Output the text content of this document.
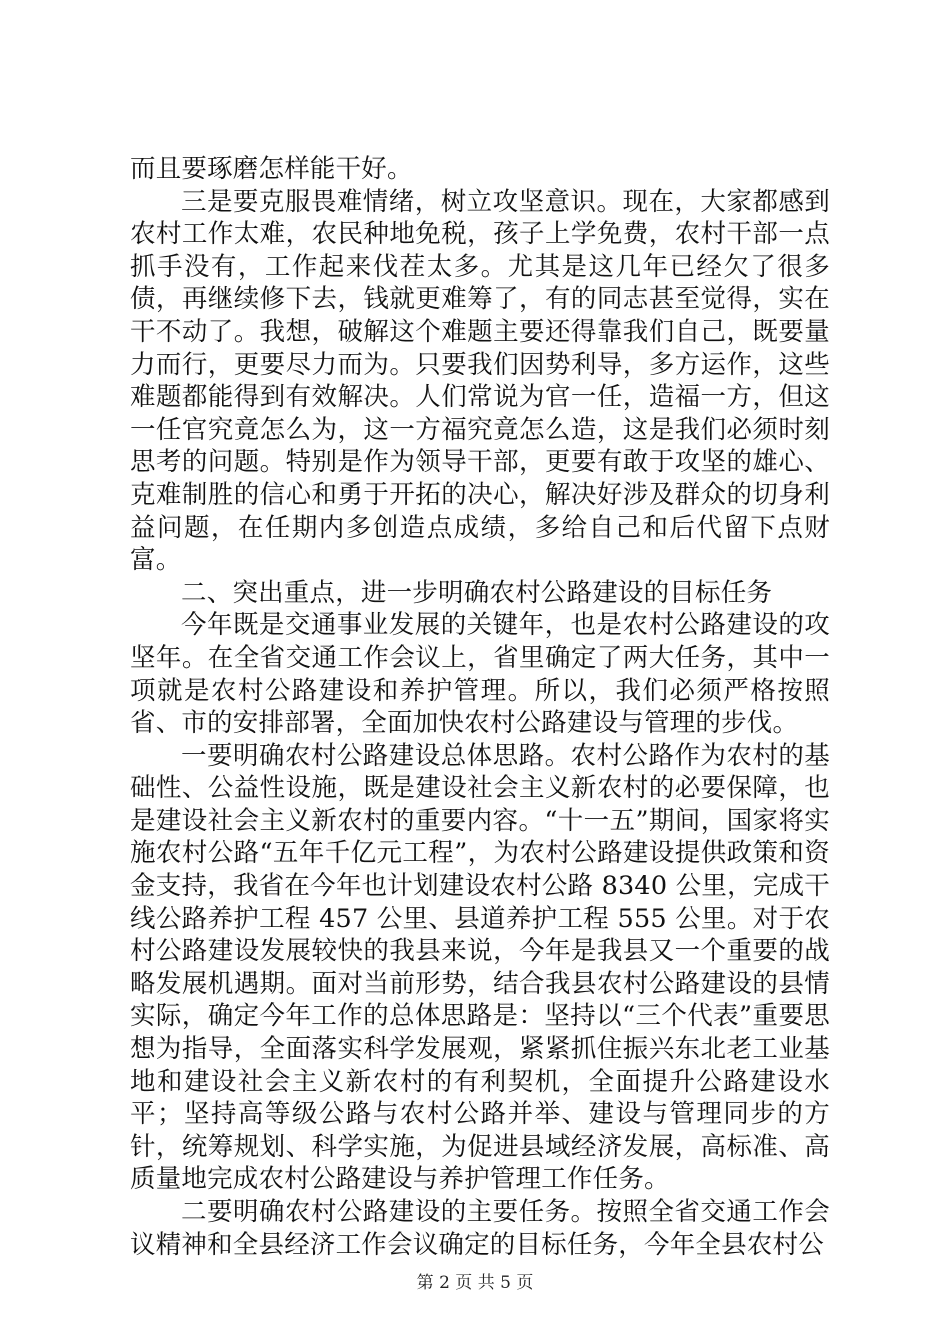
而且要琢磨怎样能干好。

三是要克服畏难情绪，树立攻坚意识。现在，大家都感到农村工作太难，农民种地免税，孩子上学免费，农村干部一点抓手没有，工作起来伐茬太多。尤其是这几年已经欠了很多债，再继续修下去，钱就更难筹了，有的同志甚至觉得，实在干不动了。我想，破解这个难题主要还得靠我们自己，既要量力而行，更要尽力而为。只要我们因势利导，多方运作，这些难题都能得到有效解决。人们常说为官一任，造福一方，但这一任官究竟怎么为，这一方福究竟怎么造，这是我们必须时刻思考的问题。特别是作为领导干部，更要有敢于攻坚的雄心、克难制胜的信心和勇于开拓的决心，解决好涉及群众的切身利益问题，在任期内多创造点成绩，多给自己和后代留下点财富。

二、突出重点，进一步明确农村公路建设的目标任务

今年既是交通事业发展的关键年，也是农村公路建设的攻坚年。在全省交通工作会议上，省里确定了两大任务，其中一项就是农村公路建设和养护管理。所以，我们必须严格按照省、市的安排部署，全面加快农村公路建设与管理的步伐。

一要明确农村公路建设总体思路。农村公路作为农村的基础性、公益性设施，既是建设社会主义新农村的必要保障，也是建设社会主义新农村的重要内容。“十一五”期间，国家将实施农村公路“五年千亿元工程”，为农村公路建设提供政策和资金支持，我省在今年也计划建设农村公路 8340 公里，完成干线公路养护工程 457 公里、县道养护工程 555 公里。对于农村公路建设发展较快的我县来说，今年是我县又一个重要的战略发展机遇期。面对当前形势，结合我县农村公路建设的县情实际，确定今年工作的总体思路是：坚持以“三个代表”重要思想为指导，全面落实科学发展观，紧紧抓住振兴东北老工业基地和建设社会主义新农村的有利契机，全面提升公路建设水平；坚持高等级公路与农村公路并举、建设与管理同步的方针，统筹规划、科学实施，为促进县域经济发展，高标准、高质量地完成农村公路建设与养护管理工作任务。

二要明确农村公路建设的主要任务。按照全省交通工作会议精神和全县经济工作会议确定的目标任务，今年全县农村公

第 2 页 共 5 页
